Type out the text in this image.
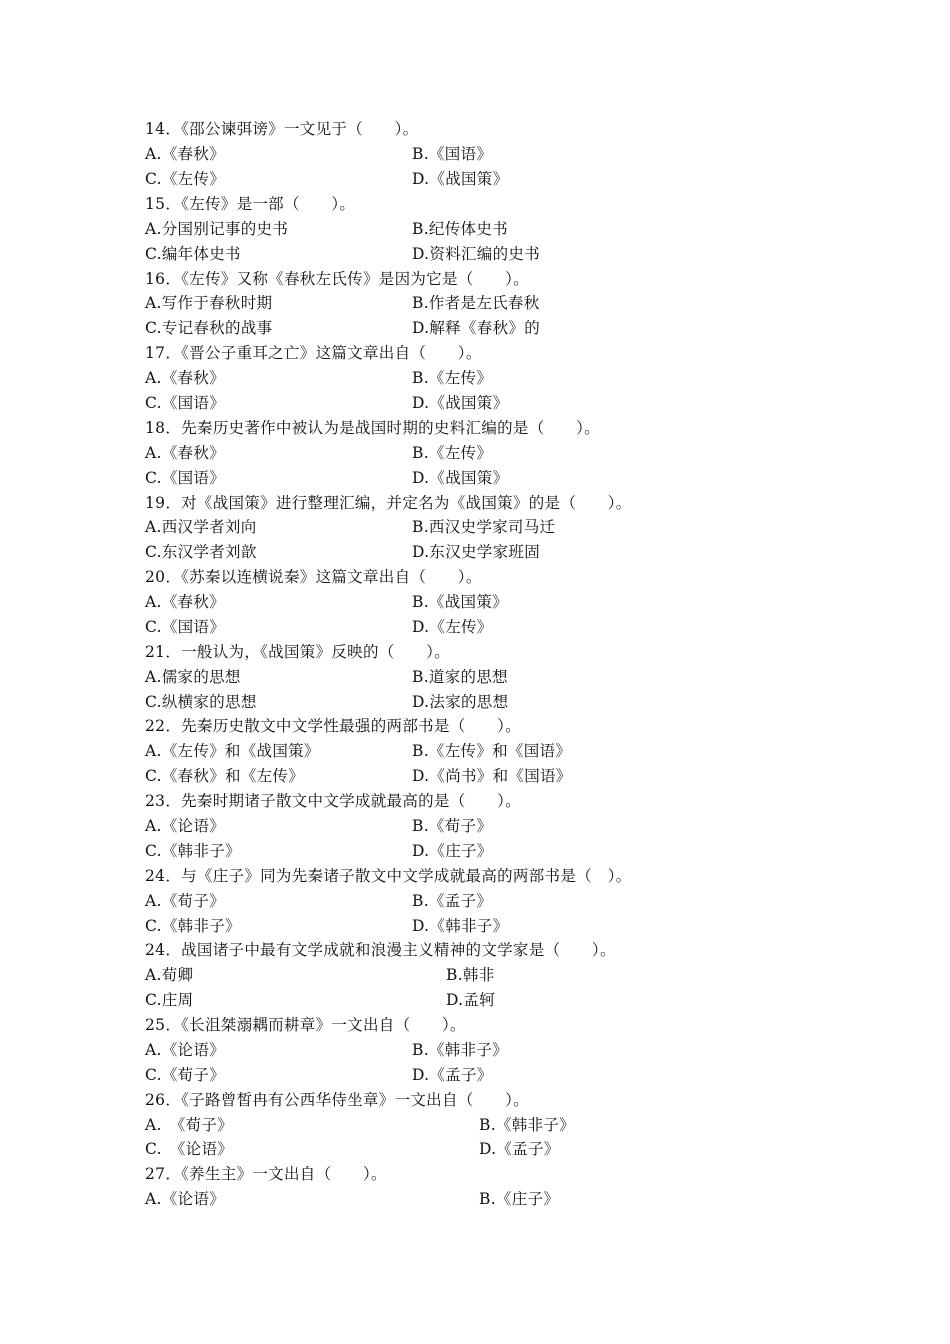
14．《邵公谏弭谤》一文见于（　　）。
A.《春秋》	B.《国语》
C.《左传》	D.《战国策》
15．《左传》是一部（　　）。
A.分国别记事的史书	B.纪传体史书
C.编年体史书	D.资料汇编的史书
16．《左传》又称《春秋左氏传》是因为它是（　　）。
A.写作于春秋时期	B.作者是左氏春秋
C.专记春秋的战事	D.解释《春秋》的
17．《晋公子重耳之亡》这篇文章出自（　　）。
A.《春秋》	B.《左传》
C.《国语》	D.《战国策》
18．先秦历史著作中被认为是战国时期的史料汇编的是（　　）。
A.《春秋》	B.《左传》
C.《国语》	D.《战国策》
19．对《战国策》进行整理汇编，并定名为《战国策》的是（　　）。
A.西汉学者刘向	B.西汉史学家司马迁
C.东汉学者刘歆	D.东汉史学家班固
20．《苏秦以连横说秦》这篇文章出自（　　）。
A.《春秋》	B.《战国策》
C.《国语》	D.《左传》
21．一般认为，《战国策》反映的（　　）。
A.儒家的思想	B.道家的思想
C.纵横家的思想	D.法家的思想
22．先秦历史散文中文学性最强的两部书是（　　）。
A.《左传》和《战国策》	B.《左传》和《国语》
C.《春秋》和《左传》	D.《尚书》和《国语》
23．先秦时期诸子散文中文学成就最高的是（　　）。
A.《论语》	B.《荀子》
C.《韩非子》	D.《庄子》
24．与《庄子》同为先秦诸子散文中文学成就最高的两部书是（　）。
A.《荀子》	B.《孟子》
C.《韩非子》	D.《韩非子》
24．战国诸子中最有文学成就和浪漫主义精神的文学家是（　　）。
A.荀卿	B.韩非
C.庄周	D.孟轲
25．《长沮桀溺耦而耕章》一文出自（　　）。
A.《论语》	B.《韩非子》
C.《荀子》	D.《孟子》
26．《子路曾皙冉有公西华侍坐章》一文出自（　　）。
A.　《荀子》	B.《韩非子》
C.　《论语》	D.《孟子》
27．《养生主》一文出自（　　）。
A.《论语》	B.《庄子》
